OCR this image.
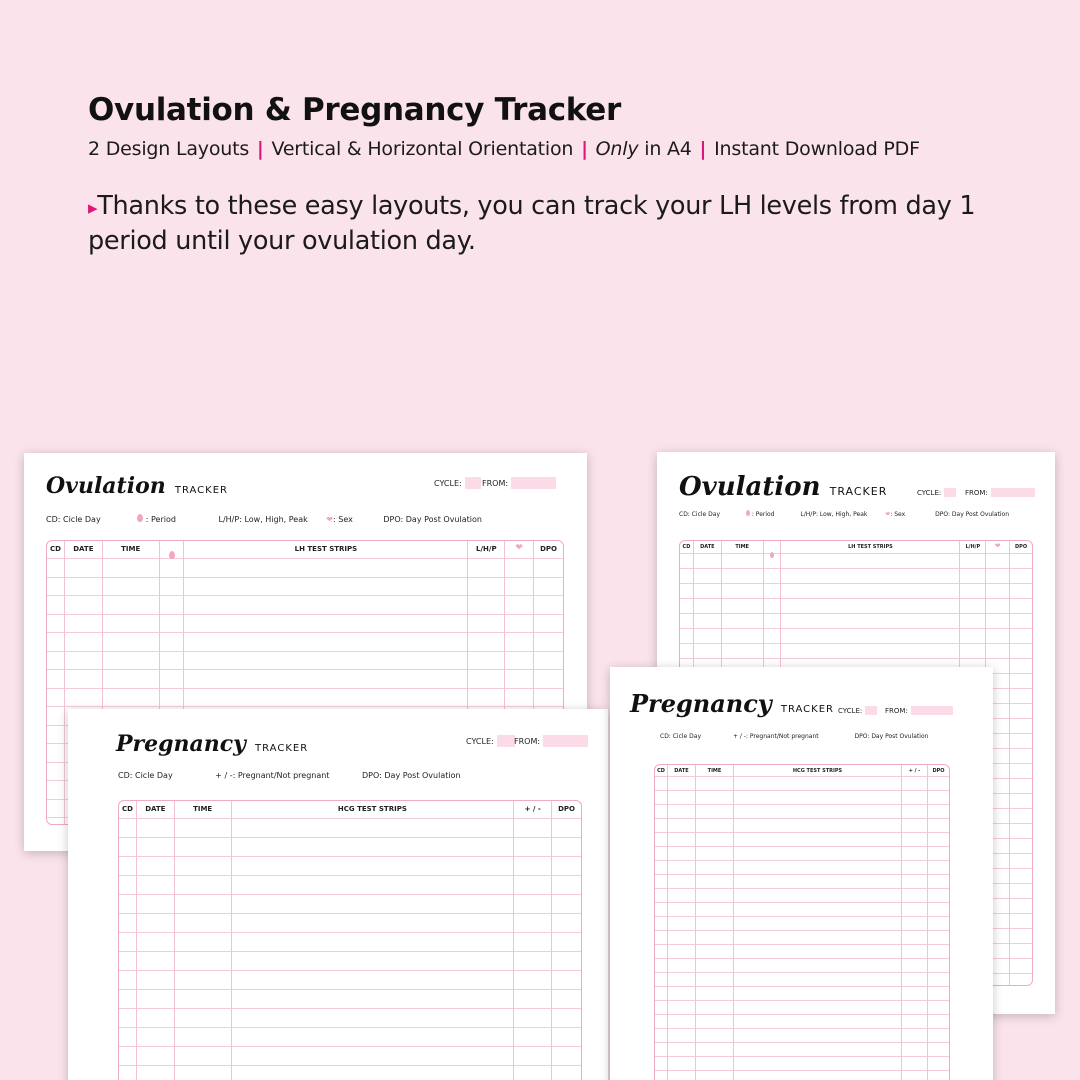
Ovulation & Pregnancy Tracker
2 Design Layouts | Vertical & Horizontal Orientation | Only in A4 | Instant Download PDF
▸Thanks to these easy layouts, you can track your LH levels from day 1 period until your ovulation day.
Ovulation TRACKER
CYCLE:	FROM:
CD: Cicle Day	: Period	L/H/P: Low, High, Peak ❤: Sex	DPO: Day Post Ovulation
CD	DATE	TIME	LH TEST STRIPS	L/H/P	❤	DPO
Ovulation TRACKER	CYCLE:	FROM:
CD: Cicle Day	: Period	L/H/P: Low, High, Peak	❤: Sex	DPO: Day Post Ovulation
CD	DATE	TIME	LH TEST STRIPS	L/H/P	❤	DPO
Pregnancy TRACKER
CYCLE:	FROM:
CD: Cicle Day	+ / -: Pregnant/Not pregnant	DPO: Day Post Ovulation
CD	DATE	TIME	HCG TEST STRIPS	+ / -	DPO
Pregnancy TRACKER CYCLE:	FROM:
CD: Cicle Day	+ / -: Pregnant/Not pregnant	DPO: Day Post Ovulation
CD	DATE	TIME	HCG TEST STRIPS	+ / -	DPO
